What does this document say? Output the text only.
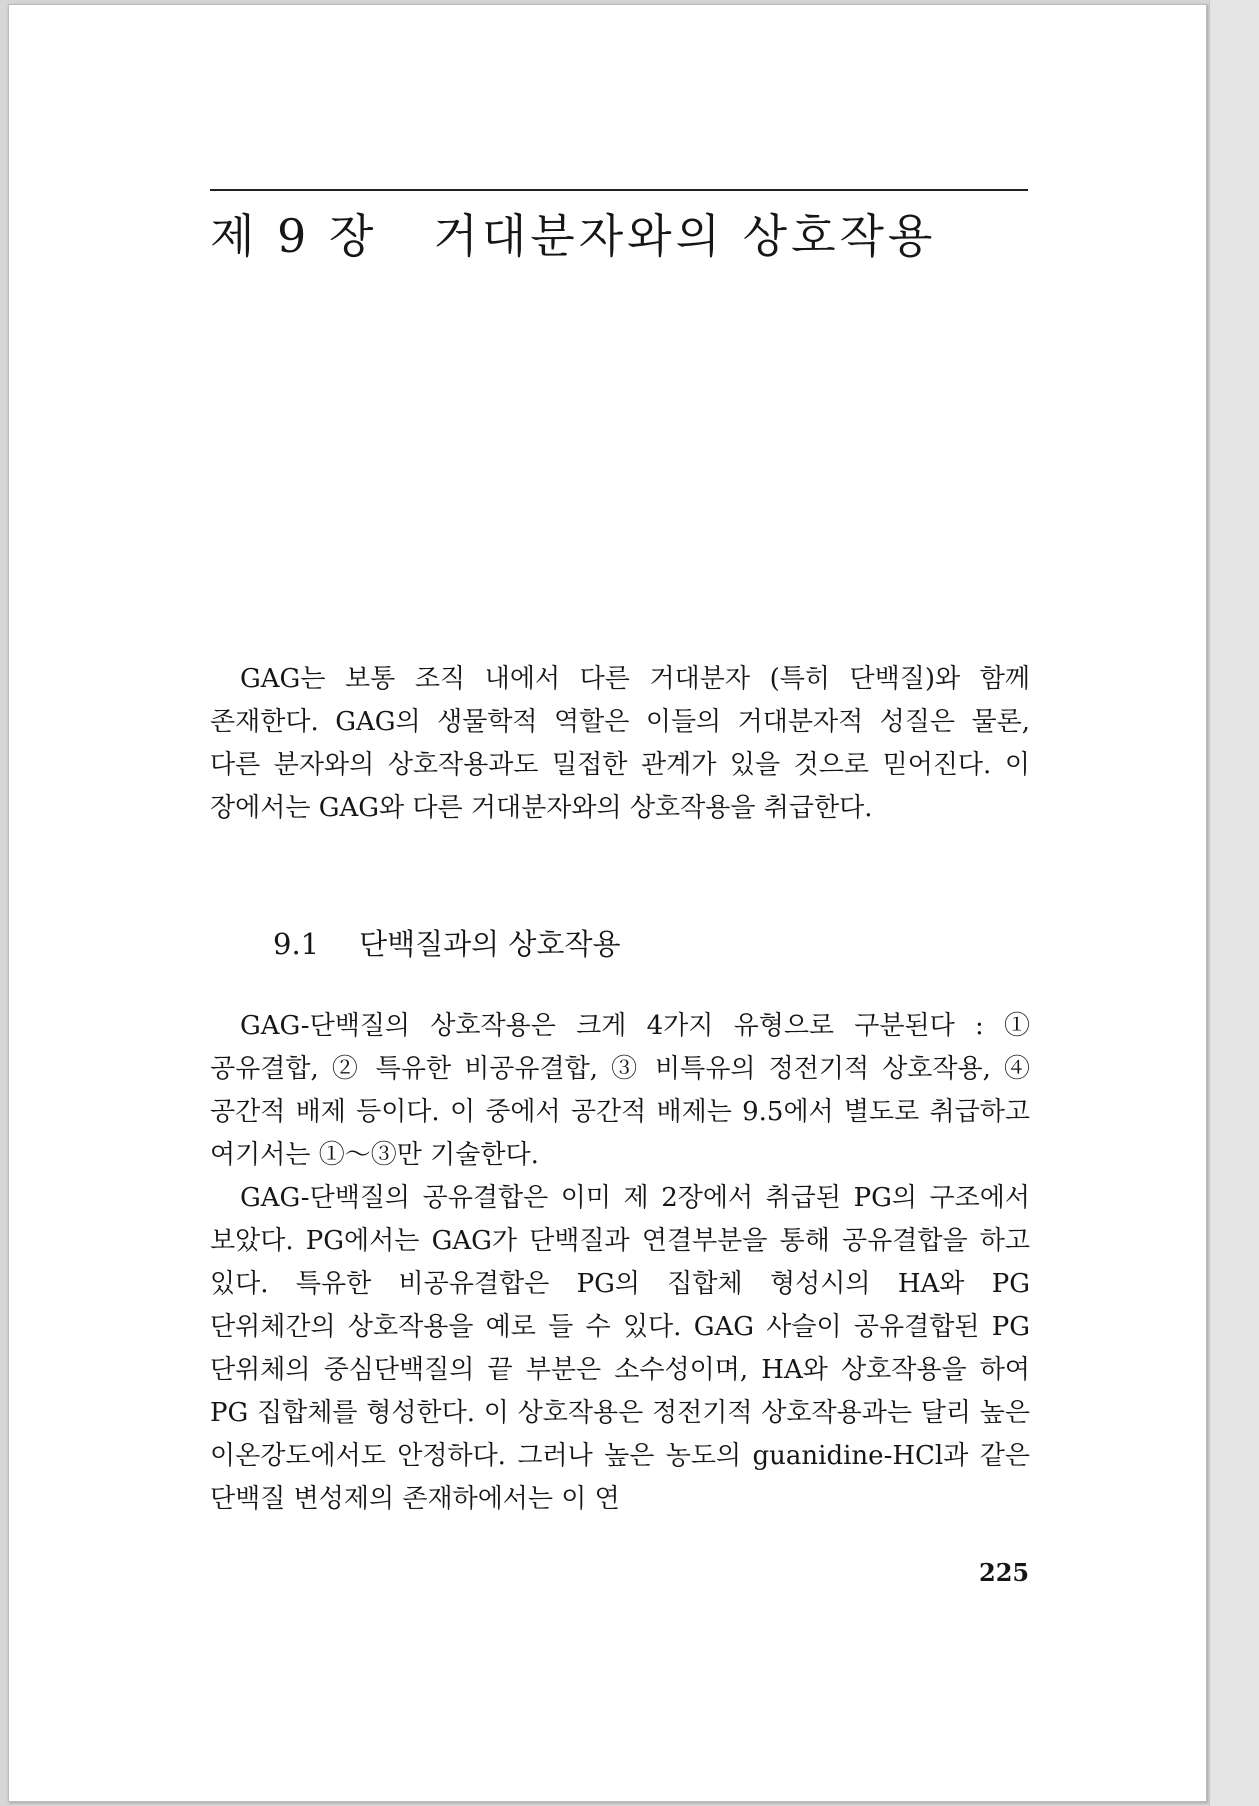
제 9 장 거대분자와의 상호작용

GAG는 보통 조직 내에서 다른 거대분자 (특히 단백질)와 함께 존재한다. GAG의 생물학적 역할은 이들의 거대분자적 성질은 물론, 다른 분자와의 상호작용과도 밀접한 관계가 있을 것으로 믿어진다. 이 장에서는 GAG와 다른 거대분자와의 상호작용을 취급한다.

9.1 단백질과의 상호작용

GAG-단백질의 상호작용은 크게 4가지 유형으로 구분된다 : ① 공유결합, ② 특유한 비공유결합, ③ 비특유의 정전기적 상호작용, ④ 공간적 배제 등이다. 이 중에서 공간적 배제는 9.5에서 별도로 취급하고 여기서는 ①～③만 기술한다.

GAG-단백질의 공유결합은 이미 제 2장에서 취급된 PG의 구조에서 보았다. PG에서는 GAG가 단백질과 연결부분을 통해 공유결합을 하고 있다. 특유한 비공유결합은 PG의 집합체 형성시의 HA와 PG 단위체간의 상호작용을 예로 들 수 있다. GAG 사슬이 공유결합된 PG 단위체의 중심단백질의 끝 부분은 소수성이며, HA와 상호작용을 하여 PG 집합체를 형성한다. 이 상호작용은 정전기적 상호작용과는 달리 높은 이온강도에서도 안정하다. 그러나 높은 농도의 guanidine-HCl과 같은 단백질 변성제의 존재하에서는 이 연

225
